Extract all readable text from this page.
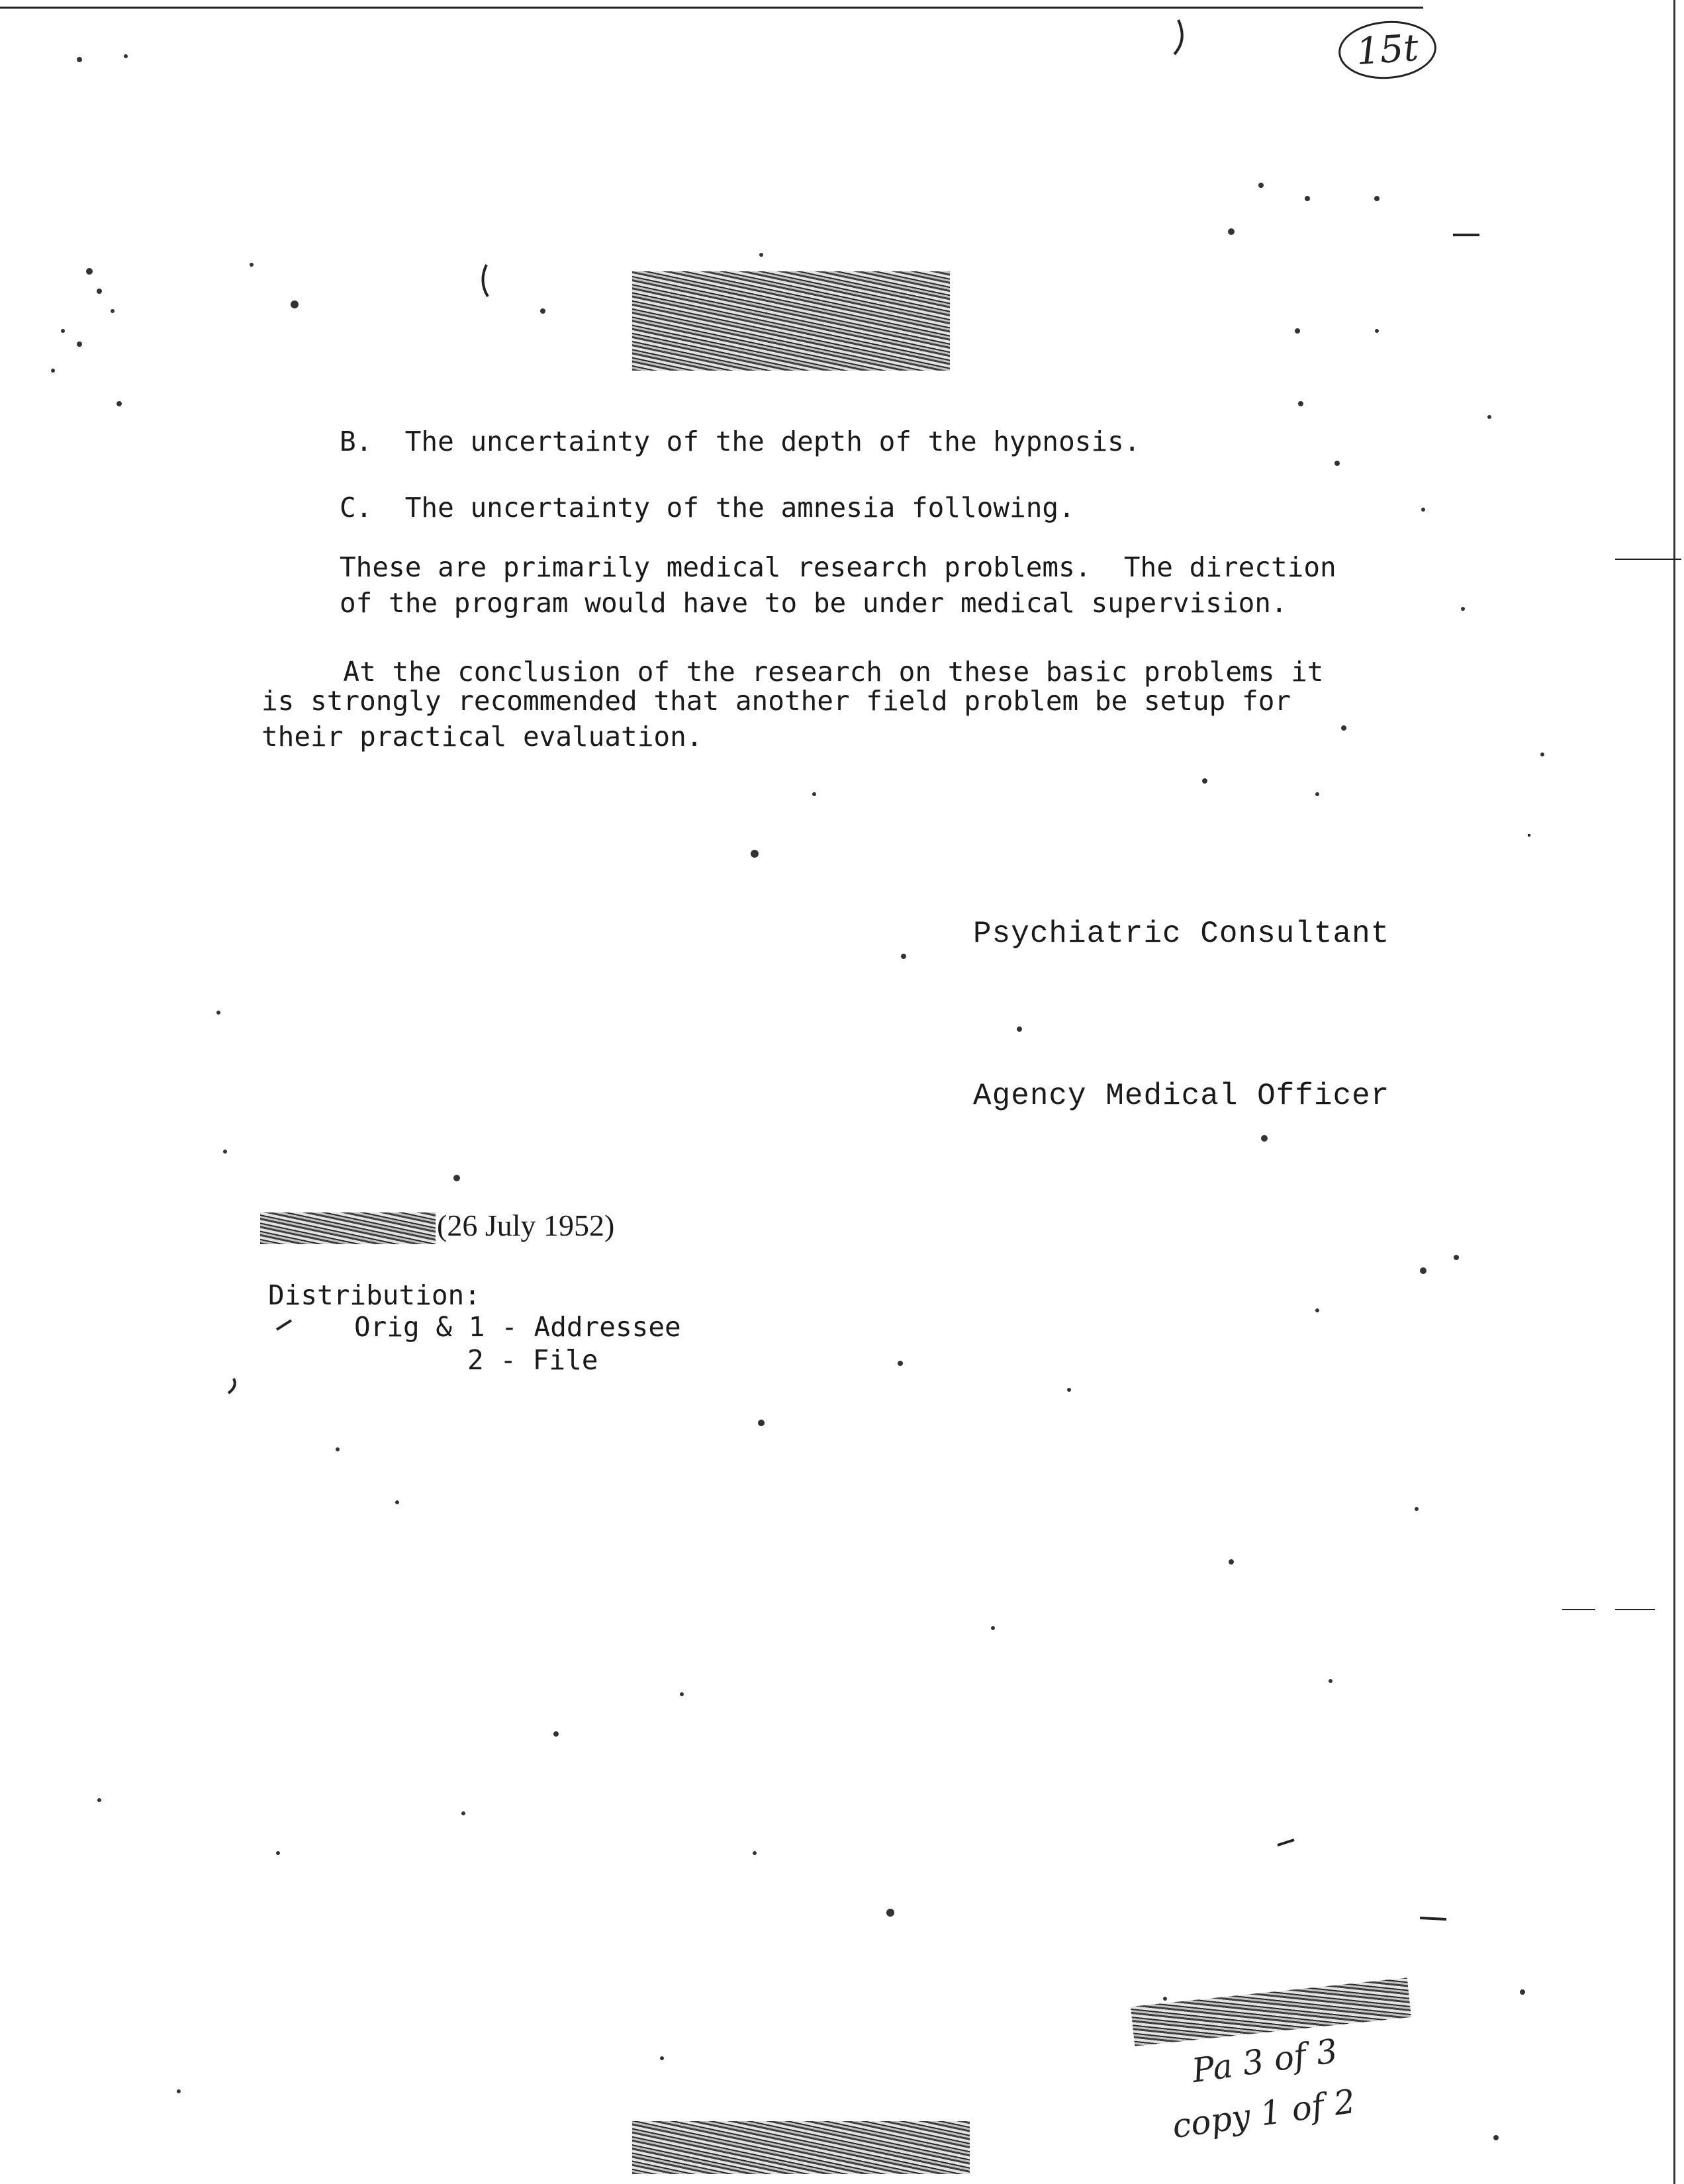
15t

B.  The uncertainty of the depth of the hypnosis.

C.  The uncertainty of the amnesia following.

These are primarily medical research problems.  The direction

of the program would have to be under medical supervision.

At the conclusion of the research on these basic problems it

is strongly recommended that another field problem be setup for

their practical evaluation.

Psychiatric Consultant
Agency Medical Officer
(26 July 1952)

Distribution:

Orig & 1 - Addressee

2 - File

Pa 3 of 3
copy 1 of 2
